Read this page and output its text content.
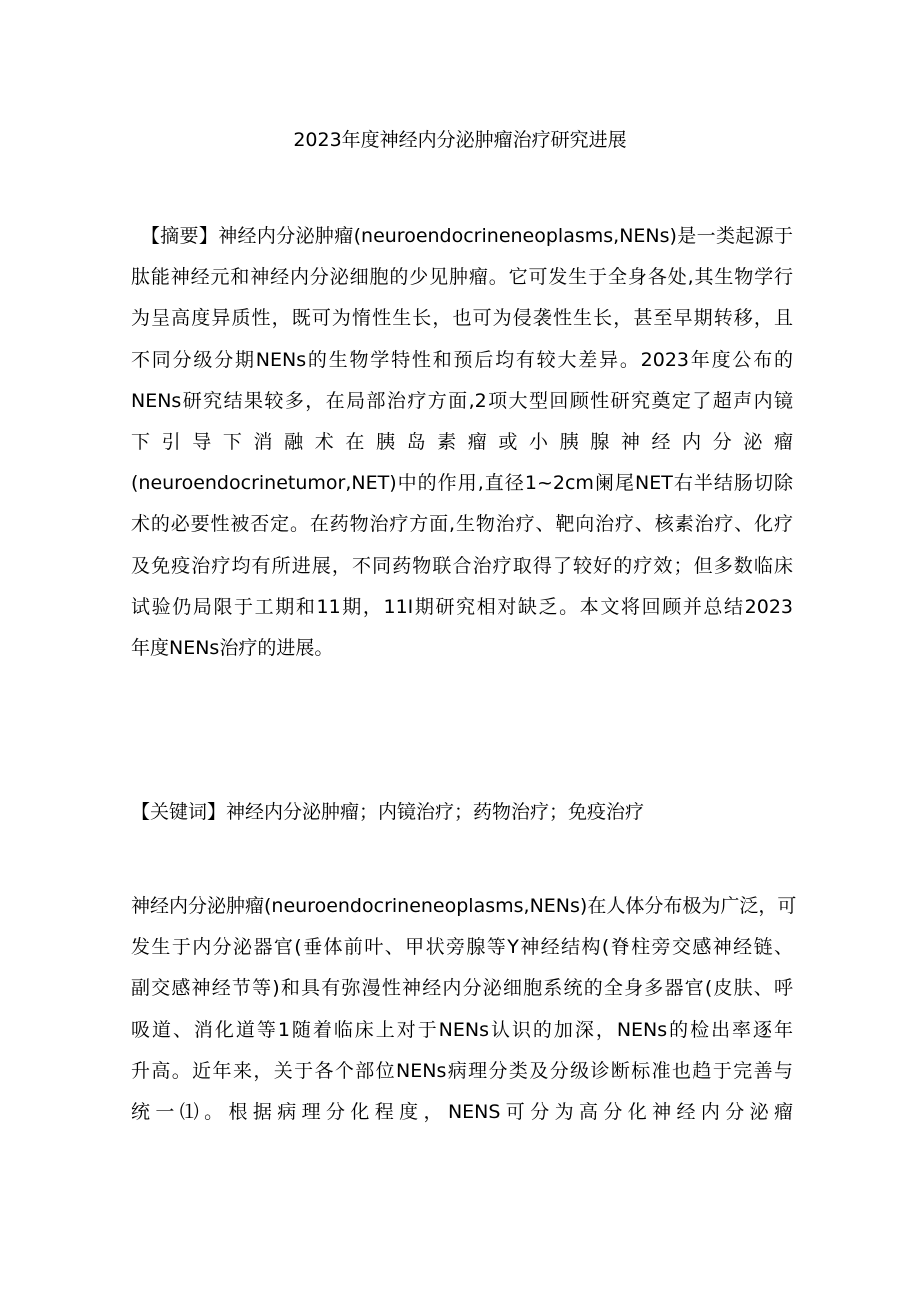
2023年度神经内分泌肿瘤治疗研究进展
　【摘要】神经内分泌肿瘤(neuroendocrineneoplasms,NENs)是一类起源于
肽能神经元和神经内分泌细胞的少见肿瘤。它可发生于全身各处,其生物学行
为呈高度异质性，既可为惰性生长，也可为侵袭性生长，甚至早期转移，且
不同分级分期NENs的生物学特性和预后均有较大差异。2023年度公布的
NENs研究结果较多，在局部治疗方面,2项大型回顾性研究奠定了超声内镜
下引导下消融术在胰岛素瘤或小胰腺神经内分泌瘤
(neuroendocrinetumor,NET)中的作用,直径1~2cm阑尾NET右半结肠切除
术的必要性被否定。在药物治疗方面,生物治疗、靶向治疗、核素治疗、化疗
及免疫治疗均有所进展，不同药物联合治疗取得了较好的疗效；但多数临床
试验仍局限于工期和11期，11I期研究相对缺乏。本文将回顾并总结2023
年度NENs治疗的进展。
【关键词】神经内分泌肿瘤；内镜治疗；药物治疗；免疫治疗
神经内分泌肿瘤(neuroendocrineneoplasms,NENs)在人体分布极为广泛，可
发生于内分泌器官(垂体前叶、甲状旁腺等Y神经结构(脊柱旁交感神经链、
副交感神经节等)和具有弥漫性神经内分泌细胞系统的全身多器官(皮肤、呼
吸道、消化道等1随着临床上对于NENs认识的加深，NENs的检出率逐年
升高。近年来，关于各个部位NENs病理分类及分级诊断标准也趋于完善与
统一⑴。根据病理分化程度，NENS可分为高分化神经内分泌瘤
